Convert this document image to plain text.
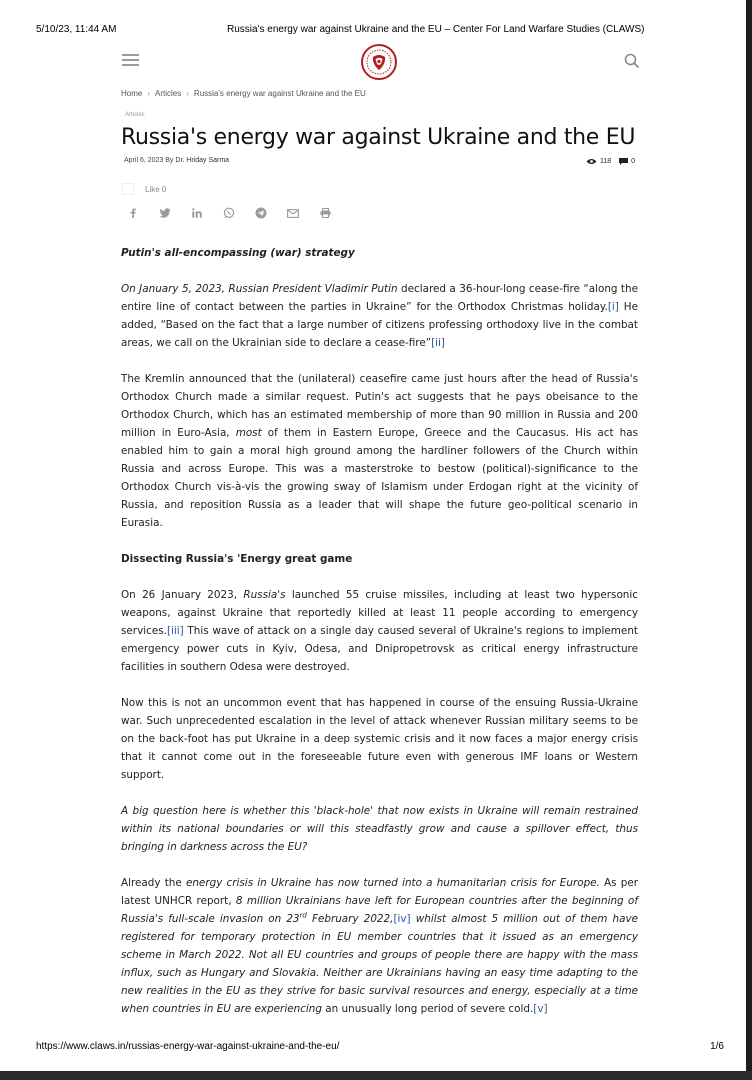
5/10/23, 11:44 AM	Russia's energy war against Ukraine and the EU – Center For Land Warfare Studies (CLAWS)
Home › Articles › Russia's energy war against Ukraine and the EU
Articles
Russia's energy war against Ukraine and the EU
April 6, 2023 By Dr. Hriday Sarma	118
	0
Like
0

Putin's all-encompassing (war) strategy

On January 5, 2023, Russian President Vladimir Putin declared a 36-hour-long cease-fire “along the entire line of contact between the parties in Ukraine” for the Orthodox Christmas holiday.[i] He added, “Based on the fact that a large number of citizens professing orthodoxy live in the combat areas, we call on the Ukrainian side to declare a cease-fire”[ii]

The Kremlin announced that the (unilateral) ceasefire came just hours after the head of Russia's Orthodox Church made a similar request. Putin's act suggests that he pays obeisance to the Orthodox Church, which has an estimated membership of more than 90 million in Russia and 200 million in Euro-Asia, most of them in Eastern Europe, Greece and the Caucasus. His act has enabled him to gain a moral high ground among the hardliner followers of the Church within Russia and across Europe. This was a masterstroke to bestow (political)-significance to the Orthodox Church vis-à-vis the growing sway of Islamism under Erdogan right at the vicinity of Russia, and reposition Russia as a leader that will shape the future geo-political scenario in Eurasia.

Dissecting Russia's 'Energy great game

On 26 January 2023, Russia's launched 55 cruise missiles, including at least two hypersonic weapons, against Ukraine that reportedly killed at least 11 people according to emergency services.[iii] This wave of attack on a single day caused several of Ukraine's regions to implement emergency power cuts in Kyiv, Odesa, and Dnipropetrovsk as critical energy infrastructure facilities in southern Odesa were destroyed.

Now this is not an uncommon event that has happened in course of the ensuing Russia-Ukraine war. Such unprecedented escalation in the level of attack whenever Russian military seems to be on the back-foot has put Ukraine in a deep systemic crisis and it now faces a major energy crisis that it cannot come out in the foreseeable future even with generous IMF loans or Western support.

A big question here is whether this 'black-hole' that now exists in Ukraine will remain restrained within its national boundaries or will this steadfastly grow and cause a spillover effect, thus bringing in darkness across the EU?

Already the energy crisis in Ukraine has now turned into a humanitarian crisis for Europe. As per latest UNHCR report, 8 million Ukrainians have left for European countries after the beginning of Russia's full-scale invasion on 23rd February 2022,[iv] whilst almost 5 million out of them have registered for temporary protection in EU member countries that it issued as an emergency scheme in March 2022. Not all EU countries and groups of people there are happy with the mass influx, such as Hungary and Slovakia. Neither are Ukrainians having an easy time adapting to the new realities in the EU as they strive for basic survival resources and energy, especially at a time when countries in EU are experiencing an unusually long period of severe cold.[v]

https://www.claws.in/russias-energy-war-against-ukraine-and-the-eu/	1/6
